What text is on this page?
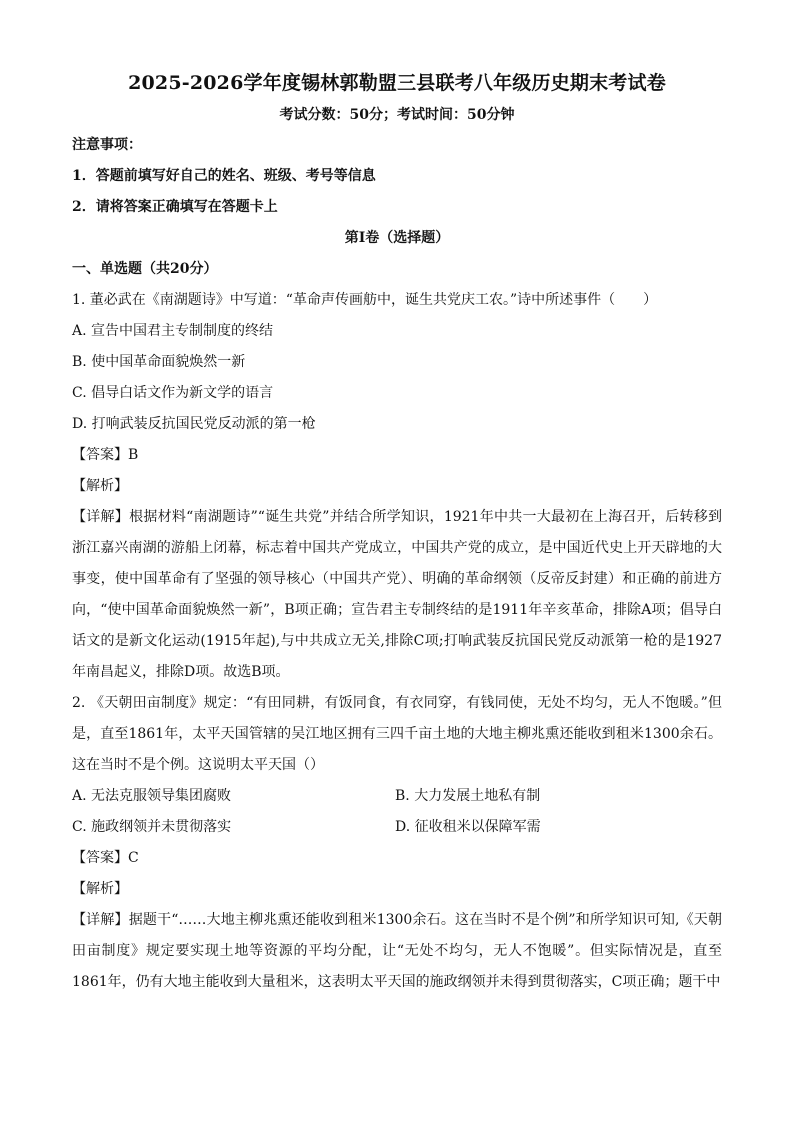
2025-2026学年度锡林郭勒盟三县联考八年级历史期末考试卷
考试分数：50分；考试时间：50分钟
注意事项：
1．答题前填写好自己的姓名、班级、考号等信息
2．请将答案正确填写在答题卡上
第I卷（选择题）
一、单选题（共20分）
1. 董必武在《南湖题诗》中写道：“革命声传画舫中，诞生共党庆工农。”诗中所述事件（　　）
A. 宣告中国君主专制制度的终结
B. 使中国革命面貌焕然一新
C. 倡导白话文作为新文学的语言
D. 打响武装反抗国民党反动派的第一枪
【答案】B
【解析】

【详解】根据材料“南湖题诗”“诞生共党”并结合所学知识，1921年中共一大最初在上海召开，后转移到浙江嘉兴南湖的游船上闭幕，标志着中国共产党成立，中国共产党的成立，是中国近代史上开天辟地的大事变，使中国革命有了坚强的领导核心（中国共产党）、明确的革命纲领（反帝反封建）和正确的前进方向，“使中国革命面貌焕然一新”，B项正确；宣告君主专制终结的是1911年辛亥革命，排除A项；倡导白话文的是新文化运动(1915年起),与中共成立无关,排除C项;打响武装反抗国民党反动派第一枪的是1927年南昌起义，排除D项。故选B项。

2. 《天朝田亩制度》规定：“有田同耕，有饭同食，有衣同穿，有钱同使，无处不均匀，无人不饱暖。”但是，直至1861年，太平天国管辖的吴江地区拥有三四千亩土地的大地主柳兆熏还能收到租米1300余石。这在当时不是个例。这说明太平天国（）

A. 无法克服领导集团腐败	B. 大力发展土地私有制
C. 施政纲领并未贯彻落实	D. 征收租米以保障军需
【答案】C
【解析】

【详解】据题干“……大地主柳兆熏还能收到租米1300余石。这在当时不是个例”和所学知识可知,《天朝田亩制度》规定要实现土地等资源的平均分配，让“无处不均匀，无人不饱暖”。但实际情况是，直至1861年，仍有大地主能收到大量租米，这表明太平天国的施政纲领并未得到贯彻落实，C项正确；题干中
